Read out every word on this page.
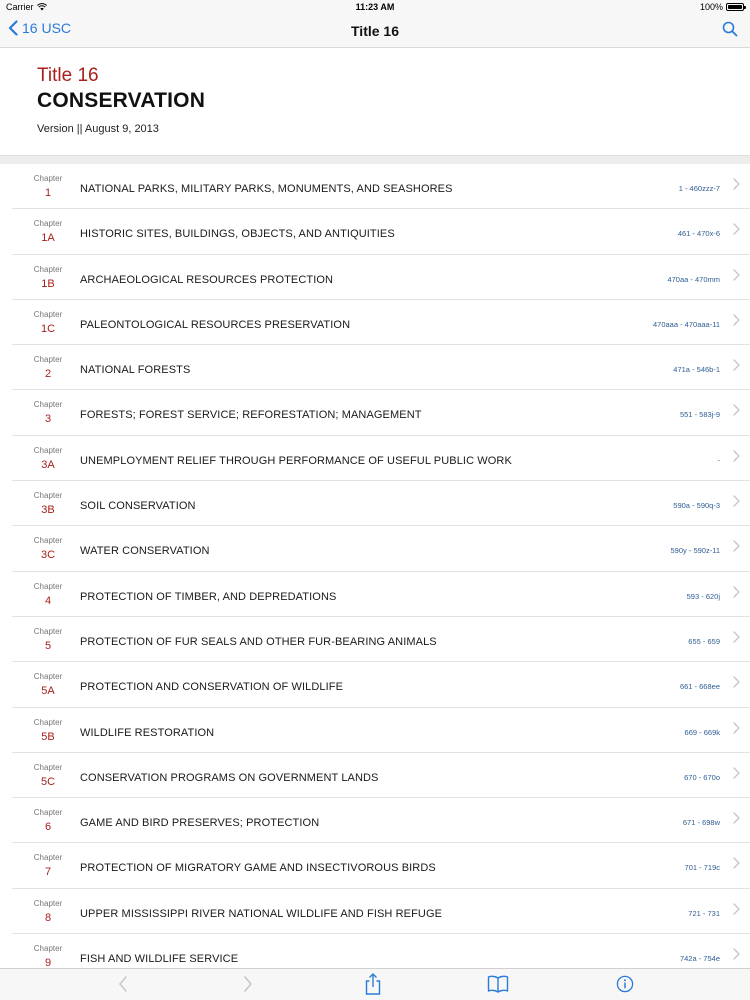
Carrier	11:23 AM	100%
16 USC	Title 16
Title 16
CONSERVATION
Version || August 9, 2013
Chapter
1	NATIONAL PARKS, MILITARY PARKS, MONUMENTS, AND SEASHORES	1 - 460zzz-7
Chapter
1A	HISTORIC SITES, BUILDINGS, OBJECTS, AND ANTIQUITIES	461 - 470x-6
Chapter
1B	ARCHAEOLOGICAL RESOURCES PROTECTION	470aa - 470mm
Chapter
1C	PALEONTOLOGICAL RESOURCES PRESERVATION	470aaa - 470aaa-11
Chapter
2	NATIONAL FORESTS	471a - 546b-1
Chapter
3	FORESTS; FOREST SERVICE; REFORESTATION; MANAGEMENT	551 - 583j-9
Chapter
3A	UNEMPLOYMENT RELIEF THROUGH PERFORMANCE OF USEFUL PUBLIC WORK	-
Chapter
3B	SOIL CONSERVATION	590a - 590q-3
Chapter
3C	WATER CONSERVATION	590y - 590z-11
Chapter
4	PROTECTION OF TIMBER, AND DEPREDATIONS	593 - 620j
Chapter
5	PROTECTION OF FUR SEALS AND OTHER FUR-BEARING ANIMALS	655 - 659
Chapter
5A	PROTECTION AND CONSERVATION OF WILDLIFE	661 - 668ee
Chapter
5B	WILDLIFE RESTORATION	669 - 669k
Chapter
5C	CONSERVATION PROGRAMS ON GOVERNMENT LANDS	670 - 670o
Chapter
6	GAME AND BIRD PRESERVES; PROTECTION	671 - 698w
Chapter
7	PROTECTION OF MIGRATORY GAME AND INSECTIVOROUS BIRDS	701 - 719c
Chapter
8	UPPER MISSISSIPPI RIVER NATIONAL WILDLIFE AND FISH REFUGE	721 - 731
Chapter
9	FISH AND WILDLIFE SERVICE	742a - 754e
